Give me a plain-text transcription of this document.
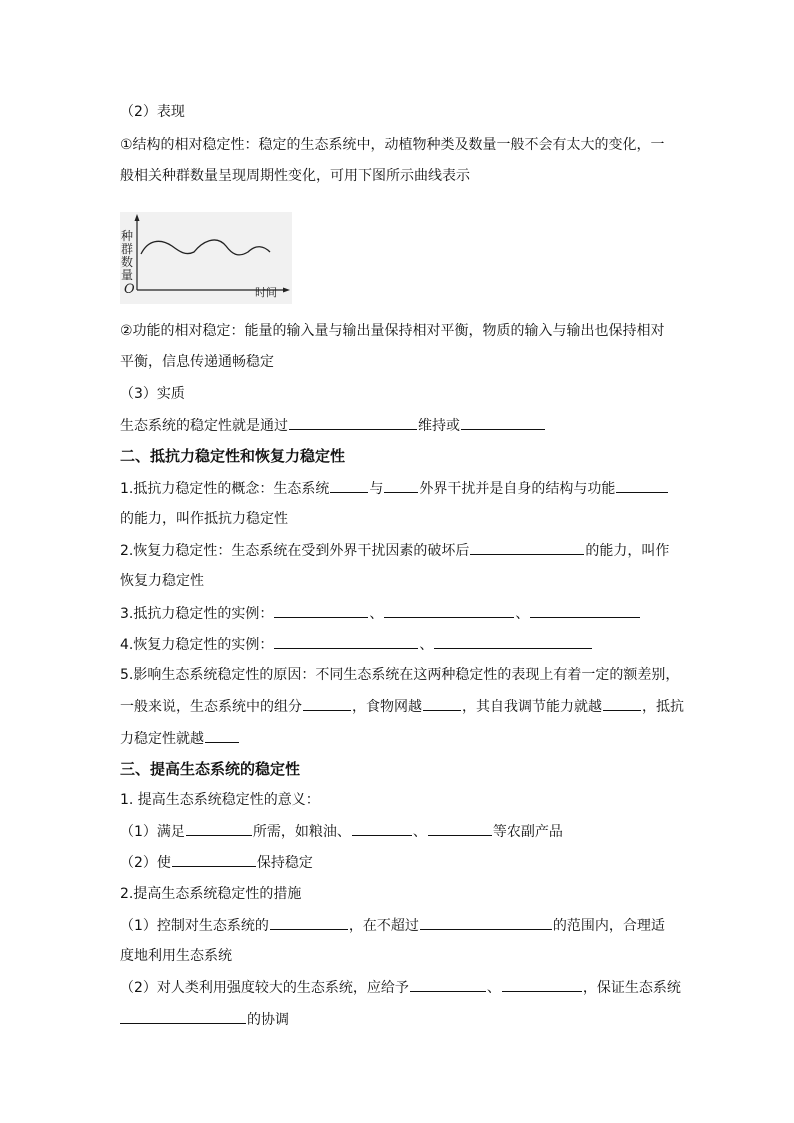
（2）表现
①结构的相对稳定性：稳定的生态系统中，动植物种类及数量一般不会有太大的变化，一
般相关种群数量呈现周期性变化，可用下图所示曲线表示
种群数量
O	时间
②功能的相对稳定：能量的输入量与输出量保持相对平衡，物质的输入与输出也保持相对
平衡，信息传递通畅稳定
（3）实质
生态系统的稳定性就是通过	维持或
二、抵抗力稳定性和恢复力稳定性
1.抵抗力稳定性的概念：生态系统	与	外界干扰并是自身的结构与功能
的能力，叫作抵抗力稳定性
2.恢复力稳定性：生态系统在受到外界干扰因素的破坏后	的能力，叫作
恢复力稳定性
3.抵抗力稳定性的实例：	、	、
4.恢复力稳定性的实例：	、
5.影响生态系统稳定性的原因：不同生态系统在这两种稳定性的表现上有着一定的额差别，
一般来说，生态系统中的组分	，食物网越	，其自我调节能力就越	，抵抗
力稳定性就越
三、提高生态系统的稳定性
1. 提高生态系统稳定性的意义：
（1）满足	所需，如粮油、	、	等农副产品
（2）使	保持稳定
2.提高生态系统稳定性的措施
（1）控制对生态系统的	，在不超过	的范围内，合理适
度地利用生态系统
（2）对人类利用强度较大的生态系统，应给予	、	，保证生态系统
的协调
